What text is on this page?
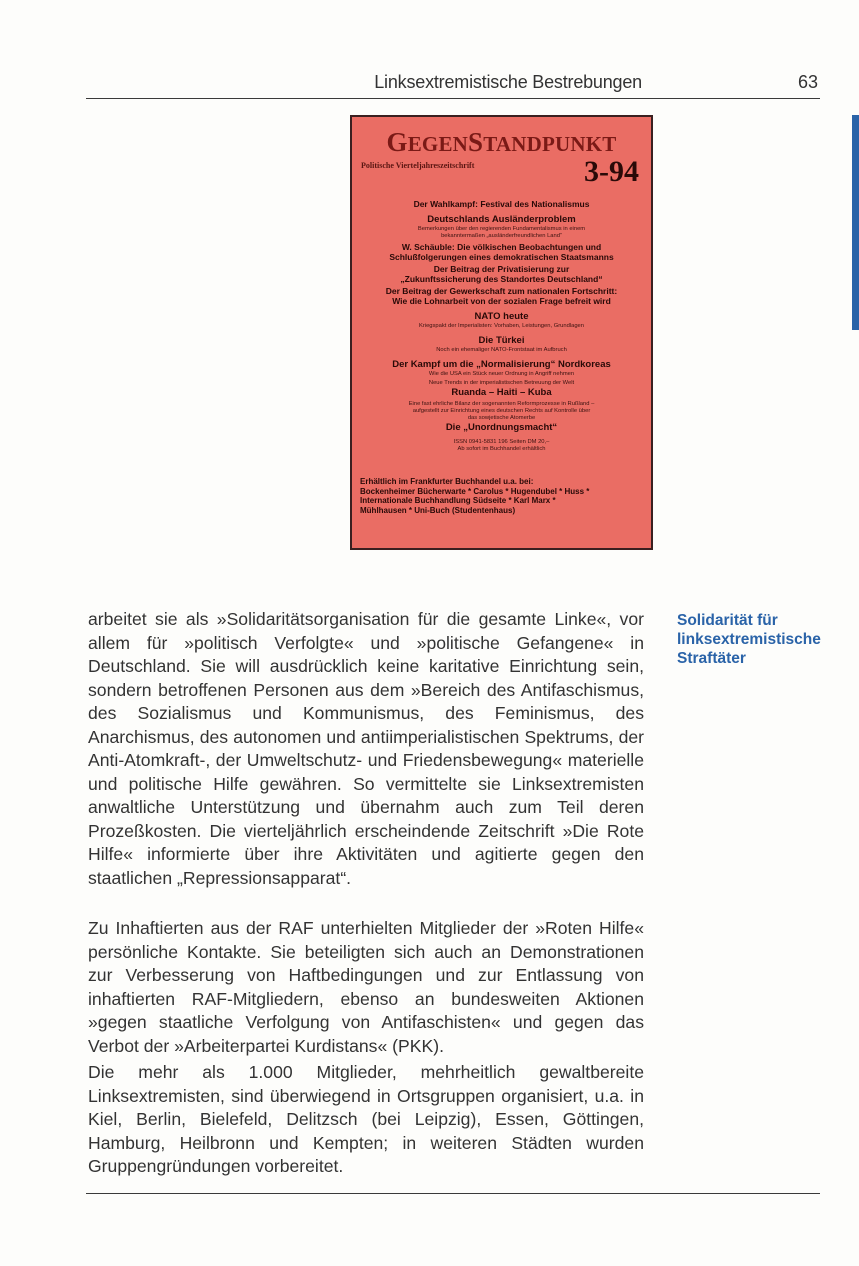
Linksextremistische Bestrebungen	63
GEGENSTANDPUNKT
Politische Vierteljahreszeitschrift	3-94
Der Wahlkampf: Festival des Nationalismus
Deutschlands Ausländerproblem
Bemerkungen über den regierenden Fundamentalismus in einem
bekanntermaßen „ausländerfreundlichen Land“
W. Schäuble: Die völkischen Beobachtungen und
Schlußfolgerungen eines demokratischen Staatsmanns
Der Beitrag der Privatisierung zur
„Zukunftssicherung des Standortes Deutschland“
Der Beitrag der Gewerkschaft zum nationalen Fortschritt:
Wie die Lohnarbeit von der sozialen Frage befreit wird
NATO heute
Kriegspakt der Imperialisten: Vorhaben, Leistungen, Grundlagen
Die Türkei
Noch ein ehemaliger NATO-Frontstaat im Aufbruch
Der Kampf um die „Normalisierung“ Nordkoreas
Wie die USA ein Stück neuer Ordnung in Angriff nehmen
Neue Trends in der imperialistischen Betreuung der Welt
Ruanda – Haiti – Kuba
Eine fast ehrliche Bilanz der sogenannten Reformprozesse in Rußland –
aufgestellt zur Einrichtung eines deutschen Rechts auf Kontrolle über
das sowjetische Atomerbe
Die „Unordnungsmacht“
ISSN 0941-5831 196 Seiten DM 20,–
Ab sofort im Buchhandel erhältlich
Erhältlich im Frankfurter Buchhandel u.a. bei:
Bockenheimer Bücherwarte * Carolus * Hugendubel * Huss *
Internationale Buchhandlung Südseite * Karl Marx *
Mühlhausen * Uni-Buch (Studentenhaus)
Solidarität für linksextremistische Straftäter

arbeitet sie als »Solidaritätsorganisation für die gesamte Linke«, vor allem für »politisch Verfolgte« und »politische Gefangene« in Deutschland. Sie will ausdrücklich keine karitative Einrichtung sein, sondern betroffenen Personen aus dem »Bereich des Antifaschismus, des Sozialismus und Kommunismus, des Feminismus, des Anarchismus, des autonomen und antiimperialistischen Spektrums, der Anti-Atomkraft-, der Umweltschutz- und Friedensbewegung« materielle und politische Hilfe gewähren. So vermittelte sie Linksextremisten anwaltliche Unterstützung und übernahm auch zum Teil deren Prozeßkosten. Die vierteljährlich erscheindende Zeitschrift »Die Rote Hilfe« informierte über ihre Aktivitäten und agitierte gegen den staatlichen „Repressionsapparat“.

Zu Inhaftierten aus der RAF unterhielten Mitglieder der »Roten Hilfe« persönliche Kontakte. Sie beteiligten sich auch an Demonstrationen zur Verbesserung von Haftbedingungen und zur Entlassung von inhaftierten RAF-Mitgliedern, ebenso an bundesweiten Aktionen »gegen staatliche Verfolgung von Antifaschisten« und gegen das Verbot der »Arbeiterpartei Kurdistans« (PKK).

Die mehr als 1.000 Mitglieder, mehrheitlich gewaltbereite Linksextremisten, sind überwiegend in Ortsgruppen organisiert, u.a. in Kiel, Berlin, Bielefeld, Delitzsch (bei Leipzig), Essen, Göttingen, Hamburg, Heilbronn und Kempten; in weiteren Städten wurden Gruppengründungen vorbereitet.
